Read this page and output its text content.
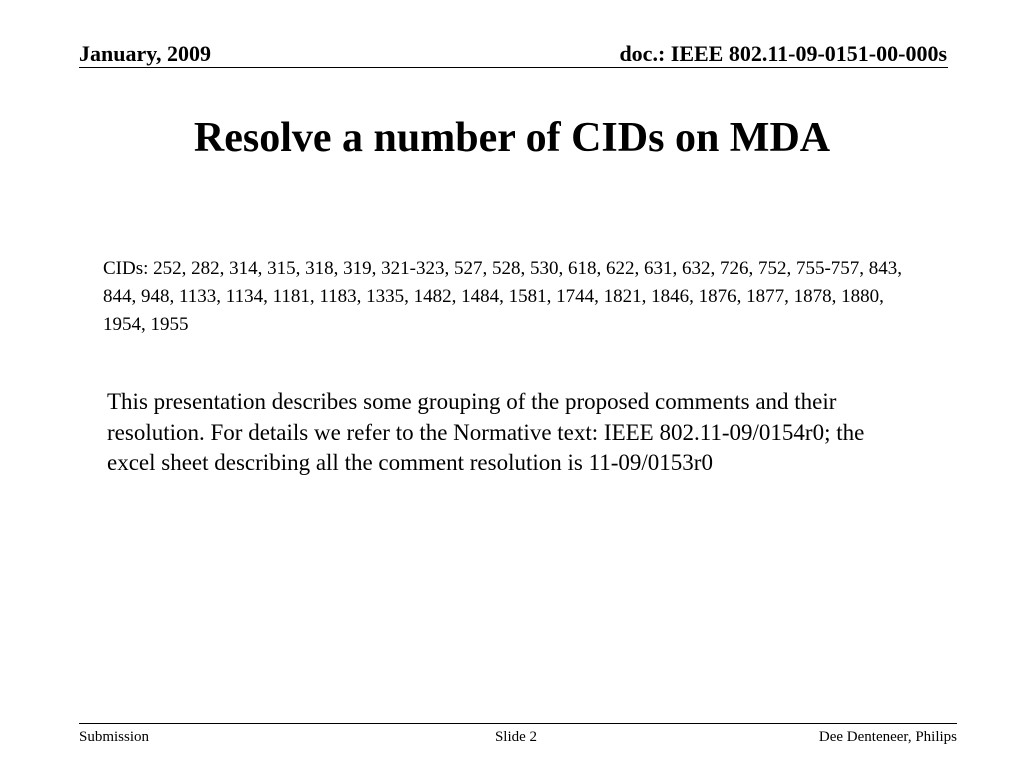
January, 2009	doc.: IEEE 802.11-09-0151-00-000s
Resolve a number of CIDs on MDA
CIDs: 252, 282, 314, 315, 318, 319, 321-323, 527, 528, 530, 618, 622, 631, 632, 726, 752, 755-757, 843, 844, 948, 1133, 1134, 1181, 1183, 1335, 1482, 1484, 1581, 1744, 1821, 1846, 1876, 1877, 1878, 1880, 1954, 1955
This presentation describes some grouping of the proposed comments and their resolution. For details we refer to the Normative text: IEEE 802.11-09/0154r0; the excel sheet describing all the comment resolution is 11-09/0153r0
Submission	Slide 2	Dee Denteneer, Philips
